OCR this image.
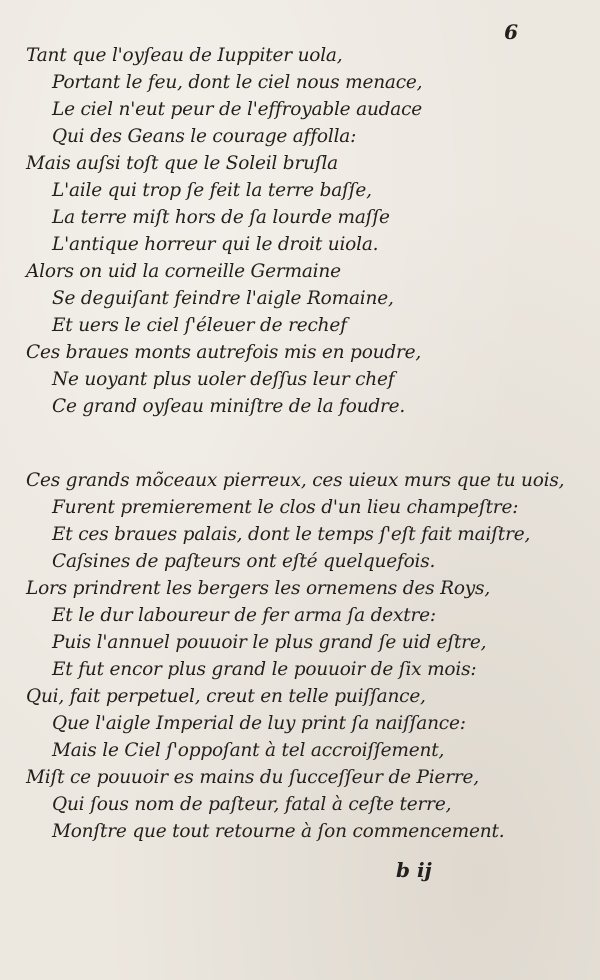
6
Tant que l'oyſeau de Iuppiter uola,
Portant le feu, dont le ciel nous menace,
Le ciel n'eut peur de l'effroyable audace
Qui des Geans le courage affolla:
Mais auſsi toſt que le Soleil bruſla
L'aile qui trop ſe feit la terre baſſe,
La terre miſt hors de ſa lourde maſſe
L'antique horreur qui le droit uiola.
Alors on uid la corneille Germaine
Se deguiſant feindre l'aigle Romaine,
Et uers le ciel ſ'éleuer de rechef
Ces braues monts autrefois mis en poudre,
Ne uoyant plus uoler deſſus leur chef
Ce grand oyſeau miniſtre de la foudre.
Ces grands mõceaux pierreux, ces uieux murs que tu uois,
Furent premierement le clos d'un lieu champeſtre:
Et ces braues palais, dont le temps ſ'eſt fait maiſtre,
Caſsines de paſteurs ont eſté quelquefois.
Lors prindrent les bergers les ornemens des Roys,
Et le dur laboureur de fer arma ſa dextre:
Puis l'annuel pouuoir le plus grand ſe uid eſtre,
Et fut encor plus grand le pouuoir de ſix mois:
Qui, fait perpetuel, creut en telle puiſſance,
Que l'aigle Imperial de luy print ſa naiſſance:
Mais le Ciel ſ'oppoſant à tel accroiſſement,
Miſt ce pouuoir es mains du ſucceſſeur de Pierre,
Qui ſous nom de paſteur, fatal à ceſte terre,
Monſtre que tout retourne à ſon commencement.
b ij
